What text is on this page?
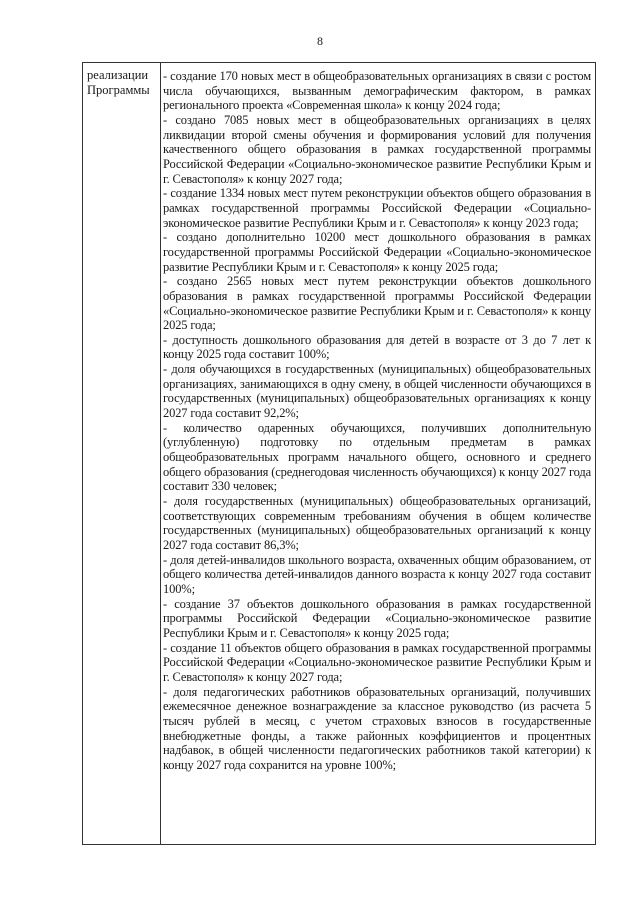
8
реализации Программы

- создание 170 новых мест в общеобразовательных организациях в связи с ростом числа обучающихся, вызванным демографическим фактором, в рамках регионального проекта «Современная школа» к концу 2024 года;

- создано 7085 новых мест в общеобразовательных организациях в целях ликвидации второй смены обучения и формирования условий для получения качественного общего образования в рамках государственной программы Российской Федерации «Социально-экономическое развитие Республики Крым и г. Севастополя» к концу 2027 года;

- создание 1334 новых мест путем реконструкции объектов общего образования в рамках государственной программы Российской Федерации «Социально-экономическое развитие Республики Крым и г. Севастополя» к концу 2023 года;

- создано дополнительно 10200 мест дошкольного образования в рамках государственной программы Российской Федерации «Социально-экономическое развитие Республики Крым и г. Севастополя» к концу 2025 года;

- создано 2565 новых мест путем реконструкции объектов дошкольного образования в рамках государственной программы Российской Федерации «Социально-экономическое развитие Республики Крым и г. Севастополя» к концу 2025 года;

- доступность дошкольного образования для детей в возрасте от 3 до 7 лет к концу 2025 года составит 100%;

- доля обучающихся в государственных (муниципальных) общеобразовательных организациях, занимающихся в одну смену, в общей численности обучающихся в государственных (муниципальных) общеобразовательных организациях к концу 2027 года составит 92,2%;

- количество одаренных обучающихся, получивших дополнительную (углубленную) подготовку по отдельным предметам в рамках общеобразовательных программ начального общего, основного и среднего общего образования (среднегодовая численность обучающихся) к концу 2027 года составит 330 человек;

- доля государственных (муниципальных) общеобразовательных организаций, соответствующих современным требованиям обучения в общем количестве государственных (муниципальных) общеобразовательных организаций к концу 2027 года составит 86,3%;

- доля детей-инвалидов школьного возраста, охваченных общим образованием, от общего количества детей-инвалидов данного возраста к концу 2027 года составит 100%;

- создание 37 объектов дошкольного образования в рамках государственной программы Российской Федерации «Социально-экономическое развитие Республики Крым и г. Севастополя» к концу 2025 года;

- создание 11 объектов общего образования в рамках государственной программы Российской Федерации «Социально-экономическое развитие Республики Крым и г. Севастополя» к концу 2027 года;

- доля педагогических работников образовательных организаций, получивших ежемесячное денежное вознаграждение за классное руководство (из расчета 5 тысяч рублей в месяц, с учетом страховых взносов в государственные внебюджетные фонды, а также районных коэффициентов и процентных надбавок, в общей численности педагогических работников такой категории) к концу 2027 года сохранится на уровне 100%;
